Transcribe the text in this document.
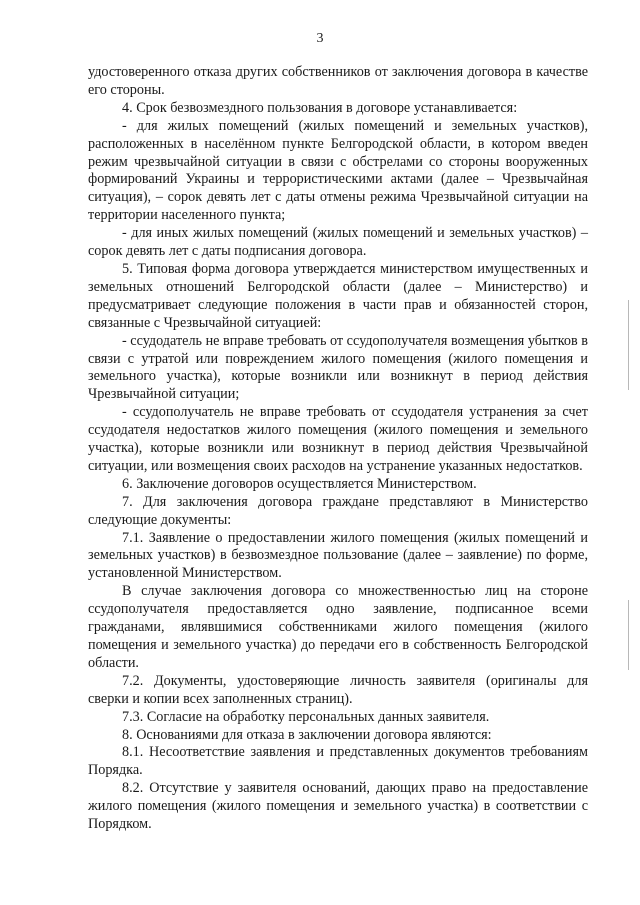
3

удостоверенного отказа других собственников от заключения договора в качестве его стороны.

4. Срок безвозмездного пользования в договоре устанавливается:

- для жилых помещений (жилых помещений и земельных участков), расположенных в населённом пункте Белгородской области, в котором введен режим чрезвычайной ситуации в связи с обстрелами со стороны вооруженных формирований Украины и террористическими актами (далее – Чрезвычайная ситуация), – сорок девять лет с даты отмены режима Чрезвычайной ситуации на территории населенного пункта;

- для иных жилых помещений (жилых помещений и земельных участков) – сорок девять лет с даты подписания договора.

5. Типовая форма договора утверждается министерством имущественных и земельных отношений Белгородской области (далее – Министерство) и предусматривает следующие положения в части прав и обязанностей сторон, связанные с Чрезвычайной ситуацией:

- ссудодатель не вправе требовать от ссудополучателя возмещения убытков в связи с утратой или повреждением жилого помещения (жилого помещения и земельного участка), которые возникли или возникнут в период действия Чрезвычайной ситуации;

- ссудополучатель не вправе требовать от ссудодателя устранения за счет ссудодателя недостатков жилого помещения (жилого помещения и земельного участка), которые возникли или возникнут в период действия Чрезвычайной ситуации, или возмещения своих расходов на устранение указанных недостатков.

6. Заключение договоров осуществляется Министерством.

7. Для заключения договора граждане представляют в Министерство следующие документы:

7.1. Заявление о предоставлении жилого помещения (жилых помещений и земельных участков) в безвозмездное пользование (далее – заявление) по форме, установленной Министерством.

В случае заключения договора со множественностью лиц на стороне ссудополучателя предоставляется одно заявление, подписанное всеми гражданами, являвшимися собственниками жилого помещения (жилого помещения и земельного участка) до передачи его в собственность Белгородской области.

7.2. Документы, удостоверяющие личность заявителя (оригиналы для сверки и копии всех заполненных страниц).

7.3. Согласие на обработку персональных данных заявителя.

8. Основаниями для отказа в заключении договора являются:

8.1. Несоответствие заявления и представленных документов требованиям Порядка.

8.2. Отсутствие у заявителя оснований, дающих право на предоставление жилого помещения (жилого помещения и земельного участка) в соответствии с Порядком.
